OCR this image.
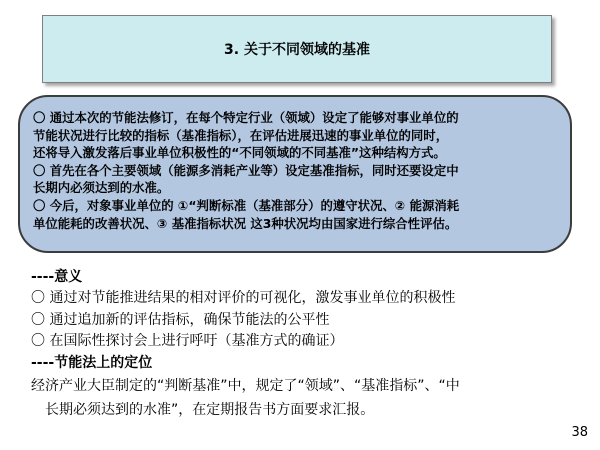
3. 关于不同领域的基准
〇 通过本次的节能法修订，在每个特定行业（领域）设定了能够对事业单位的
节能状况进行比较的指标（基准指标），在评估进展迅速的事业单位的同时，
还将导入激发落后事业单位积极性的“不同领域的不同基准”这种结构方式。
〇 首先在各个主要领域（能源多消耗产业等）设定基准指标，同时还要设定中
长期内必须达到的水准。
〇 今后，对象事业单位的 ①“判断标准（基准部分）的遵守状况、② 能源消耗
单位能耗的改善状况、③ 基准指标状况 这3种状况均由国家进行综合性评估。
----意义
〇 通过对节能推进结果的相对评价的可视化，激发事业单位的积极性
〇 通过追加新的评估指标，确保节能法的公平性
〇 在国际性探讨会上进行呼吁（基准方式的确证）
----节能法上的定位
经济产业大臣制定的“判断基准”中，规定了“领域”、“基准指标”、“中
长期必须达到的水准”，在定期报告书方面要求汇报。
38
